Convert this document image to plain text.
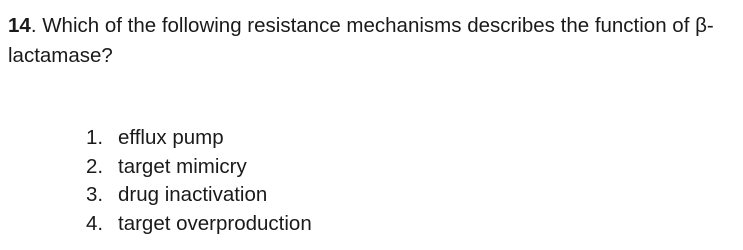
14. Which of the following resistance mechanisms describes the function of β-lactamase?
1. efflux pump
2. target mimicry
3. drug inactivation
4. target overproduction
